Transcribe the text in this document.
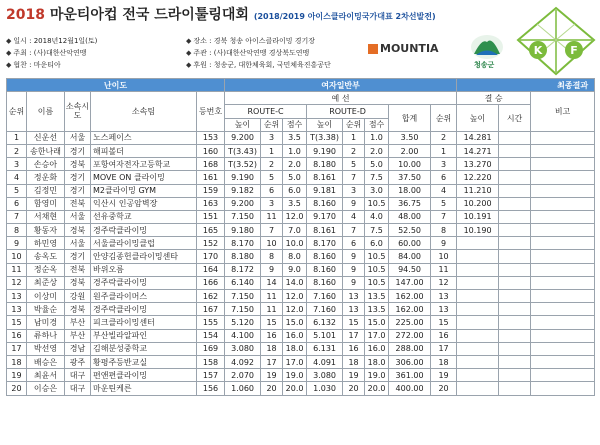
2018 마운티아컵 전국 드라이툴링대회 (2018/2019 아이스클라이밍국가대표 2차선발전)
◆ 일시 : 2018년12월1일(토)
◆ 주최 : (사)대한산악연맹
◆ 협찬 : 마운티아
◆ 장소 : 경북 청송 아이스클라이밍 경기장
◆ 주관 : (사)대한산악연맹 경상북도연맹
◆ 후원 : 청송군, 대한체육회, 국민체육진흥공단
MOUNTIA
청송군
K	F
난이도					여자일반부								최종결과		
순위	이름	소속시도	소속팀	등번호	예 선								결 승		비고
					ROUTE-C			ROUTE-D			합계	순위	높이	시간	
					높이	순위	점수	높이	순위	점수					
1	신운선	서울	노스페이스	153	9.200	3	3.5	T(3.38)	1	1.0	3.50	2	14.281		
2	송한나래	경기	해피볼더	160	T(3.43)	1	1.0	9.190	2	2.0	2.00	1	14.271		
3	손승아	경북	포항여자전자고등학교	168	T(3.52)	2	2.0	8.180	5	5.0	10.00	3	13.270		
4	정운화	경기	MOVE ON 클라이밍	161	9.190	5	5.0	8.161	7	7.5	37.50	6	12.220		
5	김정민	경기	M2클라이밍 GYM	159	9.182	6	6.0	9.181	3	3.0	18.00	4	11.210		
6	함영미	전북	익산시 인공암벽장	163	9.200	3	3.5	8.160	9	10.5	36.75	5	10.200		
7	서채현	서울	선유중학교	151	7.150	11	12.0	9.170	4	4.0	48.00	7	10.191		
8	황동자	경북	경주락클라이밍	165	9.180	7	7.0	8.161	7	7.5	52.50	8	10.190		
9	하민영	서울	서울클라이밍클럽	152	8.170	10	10.0	8.170	6	6.0	60.00	9			
10	송옥도	경기	안양김종헌클라이밍센타	170	8.180	8	8.0	8.160	9	10.5	84.00	10			
11	정순옥	전북	바위오름	164	8.172	9	9.0	8.160	9	10.5	94.50	11			
12	최준상	경북	경주락클라이밍	166	6.140	14	14.0	8.160	9	10.5	147.00	12			
13	이상미	강원	원주클라이머스	162	7.150	11	12.0	7.160	13	13.5	162.00	13			
13	박율순	경북	경주락클라이밍	167	7.150	11	12.0	7.160	13	13.5	162.00	13			
15	남미경	부산	피크클라이밍센터	155	5.120	15	15.0	6.132	15	15.0	225.00	15			
16	류하나	부산	부산빌라알파인	154	4.100	16	16.0	5.101	17	17.0	272.00	16			
17	박선영	경남	김해분성중학교	169	3.080	18	18.0	6.131	16	16.0	288.00	17			
18	배승은	광주	황평주등반교실	158	4.092	17	17.0	4.091	18	18.0	306.00	18			
19	최윤서	대구	편앤편클라이밍	157	2.070	19	19.0	3.080	19	19.0	361.00	19			
20	이승은	대구	마운틴케른	156	1.060	20	20.0	1.030	20	20.0	400.00	20			
